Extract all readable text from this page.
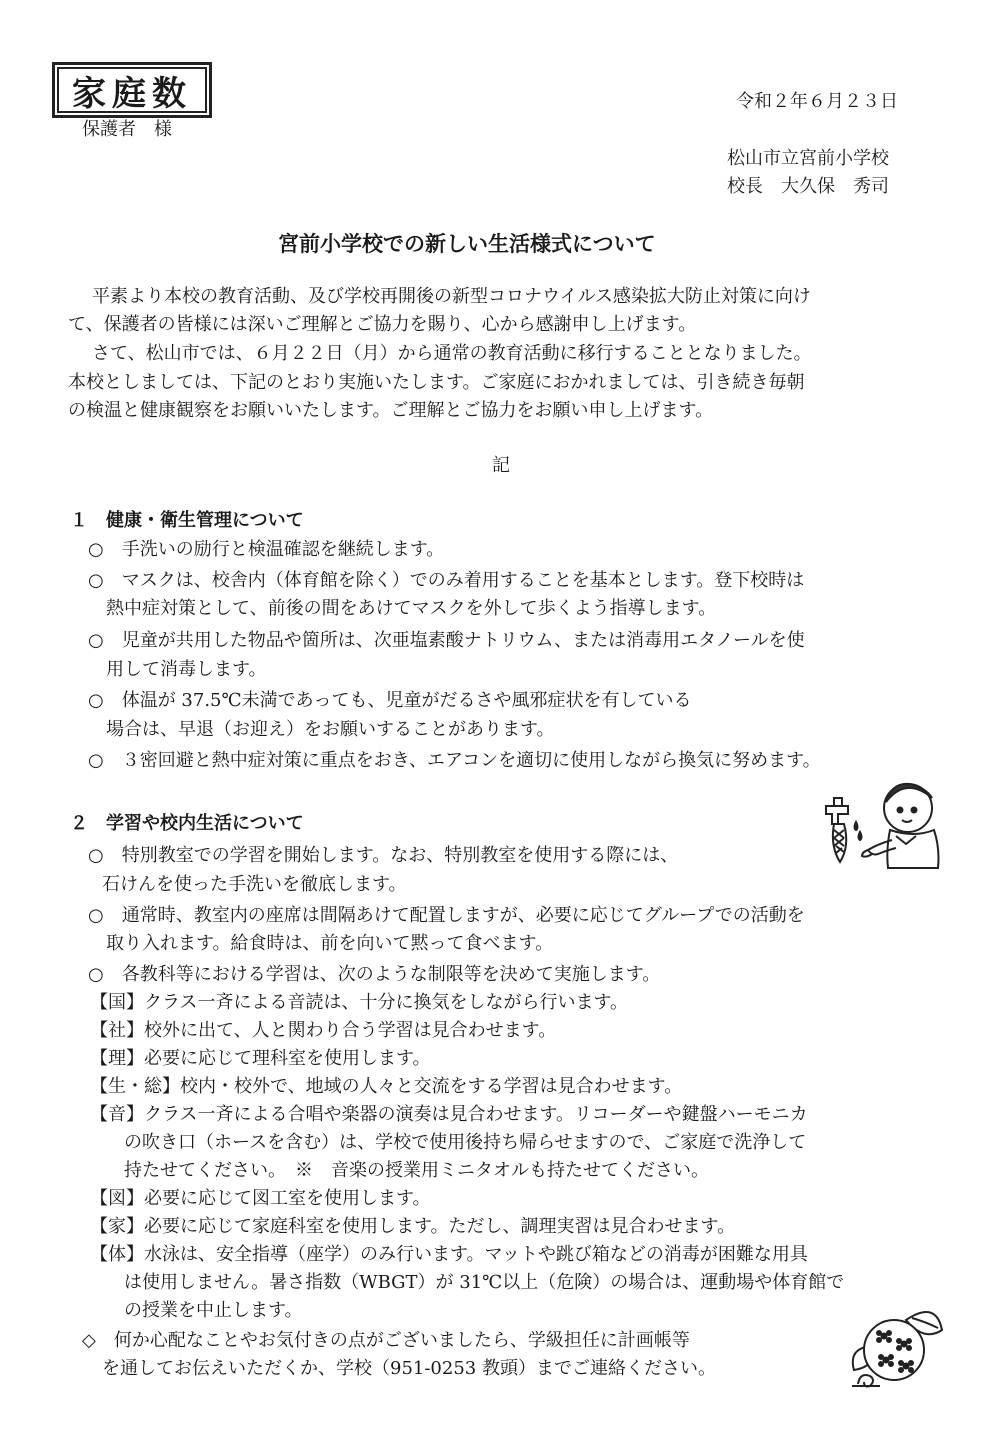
家庭数
保護者　様
令和２年６月２３日
松山市立宮前小学校
校長　大久保　秀司
宮前小学校での新しい生活様式について
平素より本校の教育活動、及び学校再開後の新型コロナウイルス感染拡大防止対策に向け
て、保護者の皆様には深いご理解とご協力を賜り、心から感謝申し上げます。
さて、松山市では、６月２２日（月）から通常の教育活動に移行することとなりました。
本校としましては、下記のとおり実施いたします。ご家庭におかれましては、引き続き毎朝
の検温と健康観察をお願いいたします。ご理解とご協力をお願い申し上げます。
記
１　健康・衛生管理について
○　手洗いの励行と検温確認を継続します。
○　マスクは、校舎内（体育館を除く）でのみ着用することを基本とします。登下校時は
熱中症対策として、前後の間をあけてマスクを外して歩くよう指導します。
○　児童が共用した物品や箇所は、次亜塩素酸ナトリウム、または消毒用エタノールを使
用して消毒します。
○　体温が 37.5℃未満であっても、児童がだるさや風邪症状を有している
場合は、早退（お迎え）をお願いすることがあります。
○　３密回避と熱中症対策に重点をおき、エアコンを適切に使用しながら換気に努めます。
２　学習や校内生活について
○　特別教室での学習を開始します。なお、特別教室を使用する際には、
石けんを使った手洗いを徹底します。
○　通常時、教室内の座席は間隔あけて配置しますが、必要に応じてグループでの活動を
取り入れます。給食時は、前を向いて黙って食べます。
○　各教科等における学習は、次のような制限等を決めて実施します。
【国】クラス一斉による音読は、十分に換気をしながら行います。
【社】校外に出て、人と関わり合う学習は見合わせます。
【理】必要に応じて理科室を使用します。
【生・総】校内・校外で、地域の人々と交流をする学習は見合わせます。
【音】クラス一斉による合唱や楽器の演奏は見合わせます。リコーダーや鍵盤ハーモニカ
の吹き口（ホースを含む）は、学校で使用後持ち帰らせますので、ご家庭で洗浄して
持たせてください。　※　音楽の授業用ミニタオルも持たせてください。
【図】必要に応じて図工室を使用します。
【家】必要に応じて家庭科室を使用します。ただし、調理実習は見合わせます。
【体】水泳は、安全指導（座学）のみ行います。マットや跳び箱などの消毒が困難な用具
は使用しません。暑さ指数（WBGT）が 31℃以上（危険）の場合は、運動場や体育館で
の授業を中止します。
◇　何か心配なことやお気付きの点がございましたら、学級担任に計画帳等
を通してお伝えいただくか、学校（951-0253 教頭）までご連絡ください。
